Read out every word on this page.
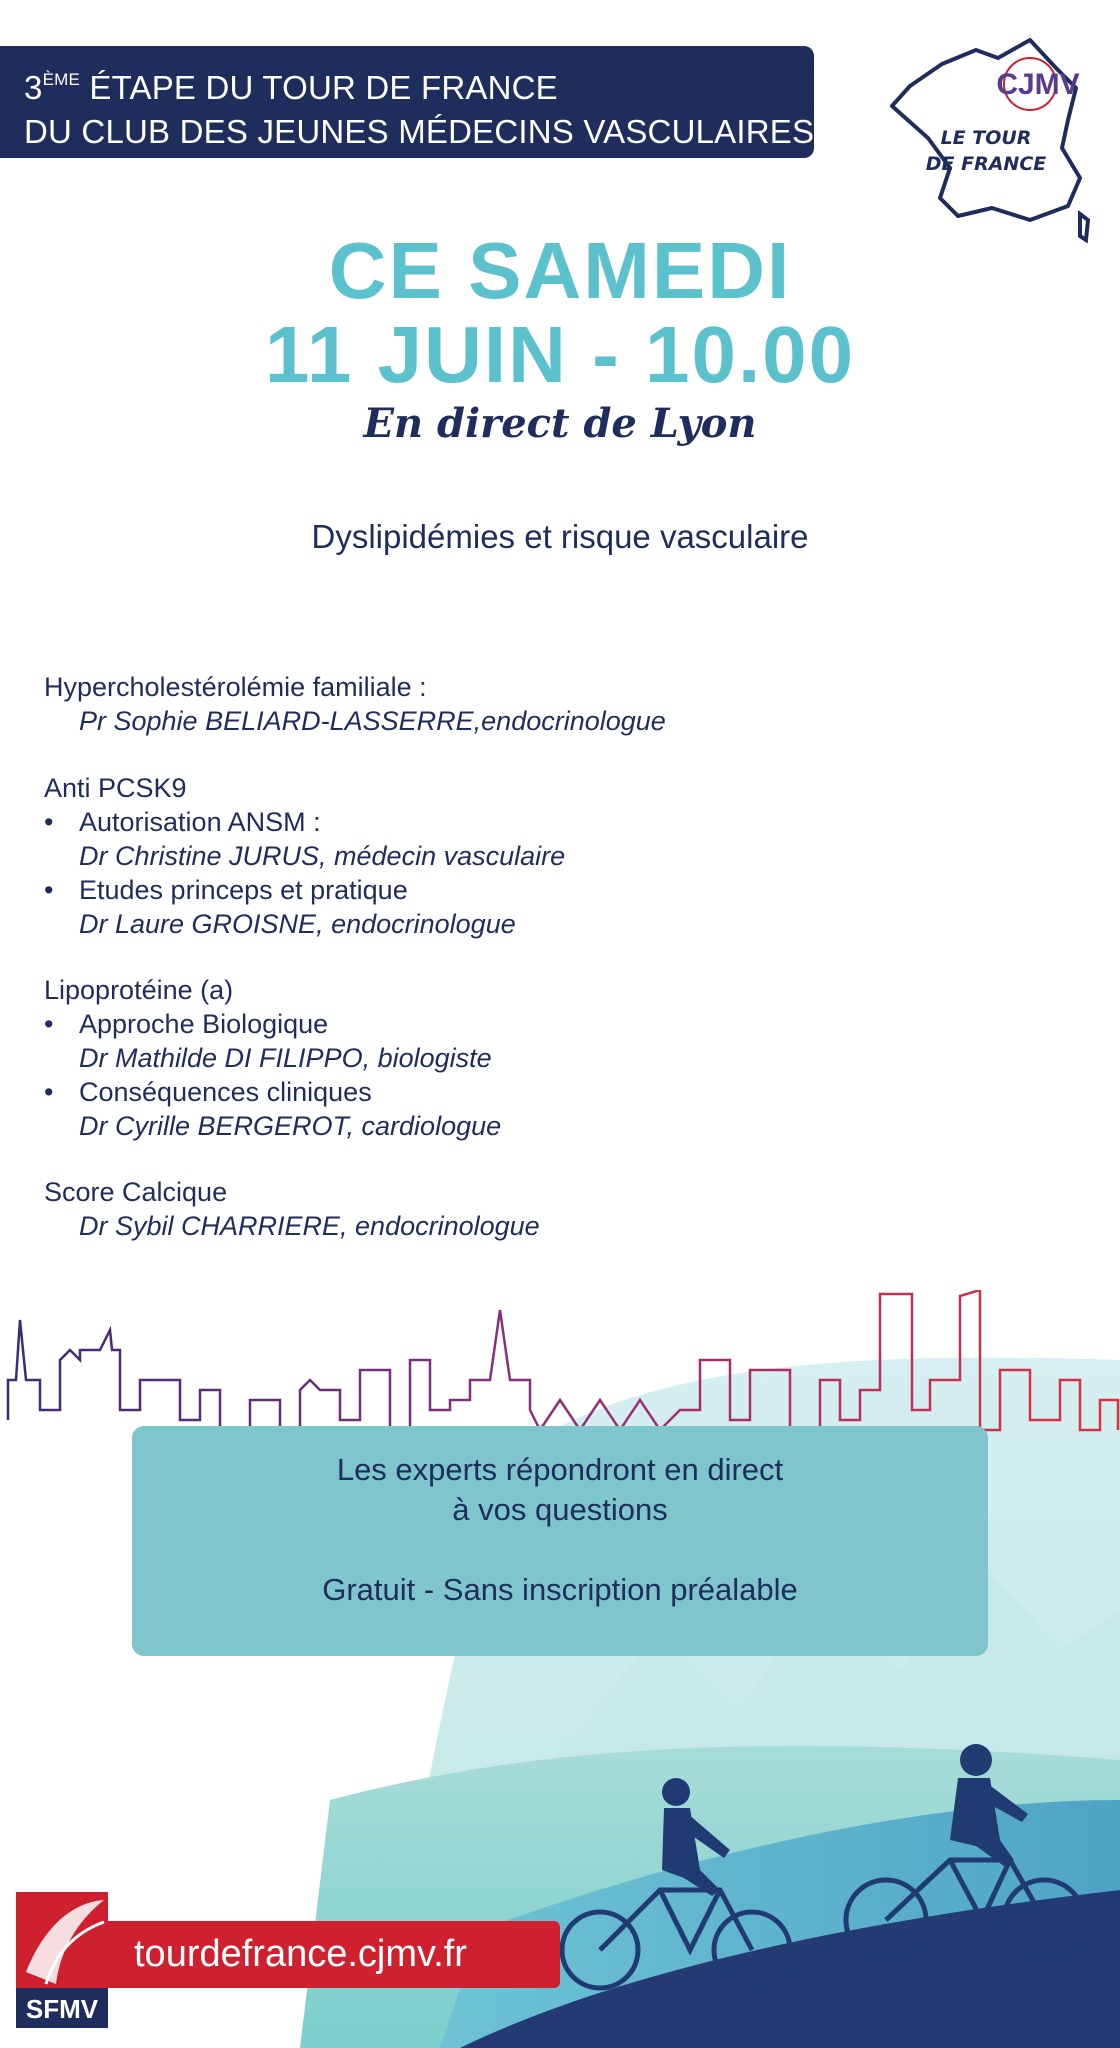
3ÈME ÉTAPE DU TOUR DE FRANCE
DU CLUB DES JEUNES MÉDECINS VASCULAIRES
CJMV
LE TOUR
DE FRANCE
CE SAMEDI
11 JUIN - 10.00
En direct de Lyon
Dyslipidémies et risque vasculaire
Hypercholestérolémie familiale :
Pr Sophie BELIARD-LASSERRE,endocrinologue
Anti PCSK9
• Autorisation ANSM :
Dr Christine JURUS, médecin vasculaire
• Etudes princeps et pratique
Dr Laure GROISNE, endocrinologue
Lipoprotéine (a)
• Approche Biologique
Dr Mathilde DI FILIPPO, biologiste
• Conséquences cliniques
Dr Cyrille BERGEROT, cardiologue
Score Calcique
Dr Sybil CHARRIERE, endocrinologue
Les experts répondront en direct
à vos questions
Gratuit - Sans inscription préalable
SFMV
tourdefrance.cjmv.fr
